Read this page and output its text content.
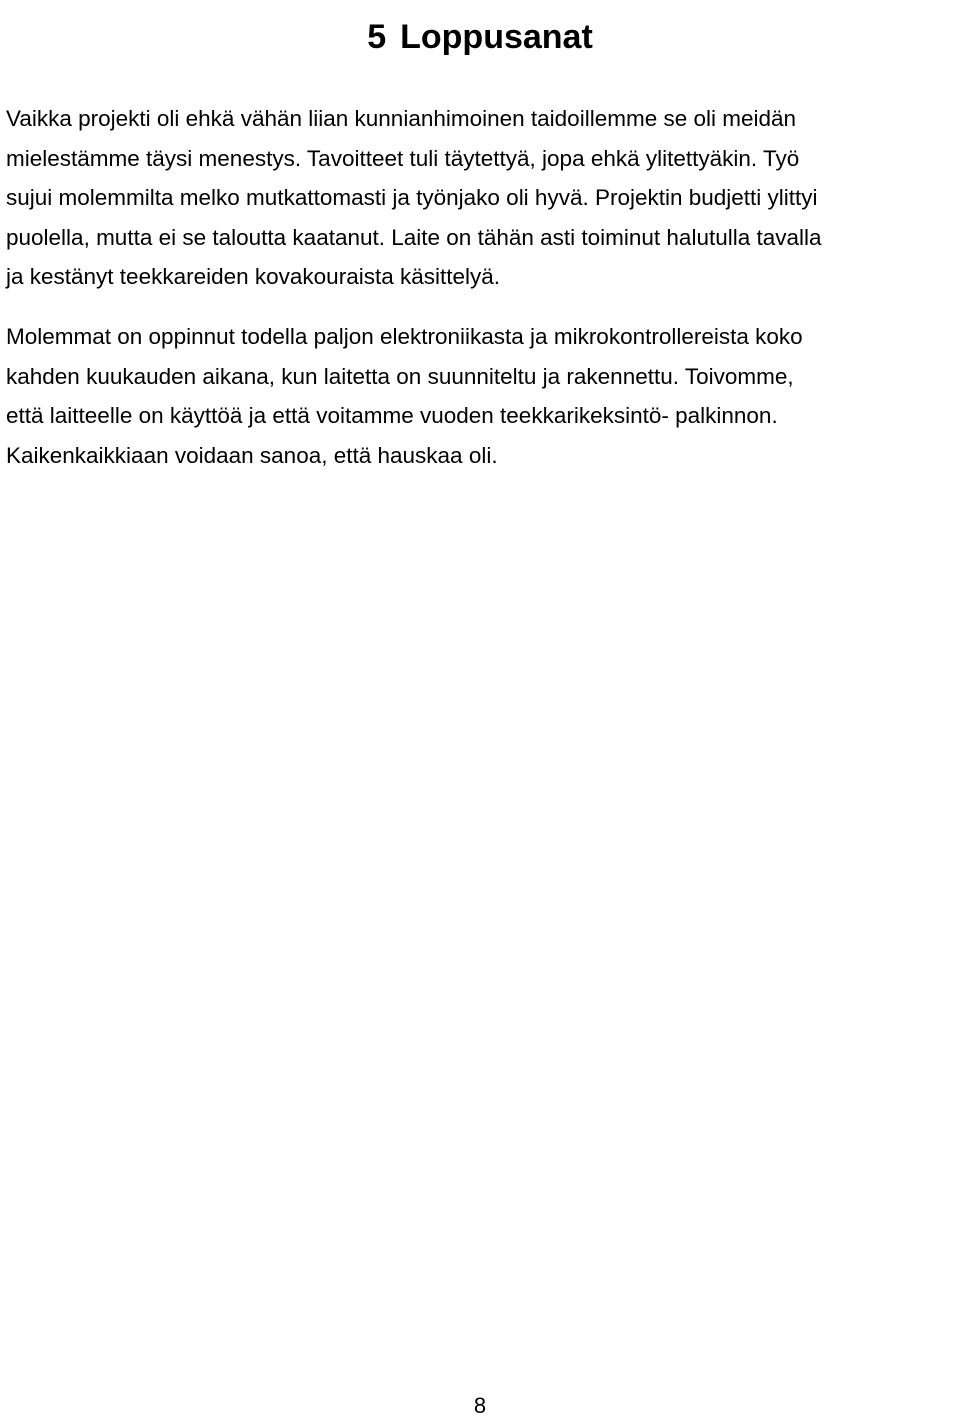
5 Loppusanat

Vaikka projekti oli ehkä vähän liian kunnianhimoinen taidoillemme se oli meidän
mielestämme täysi menestys. Tavoitteet tuli täytettyä, jopa ehkä ylitettyäkin. Työ
sujui molemmilta melko mutkattomasti ja työnjako oli hyvä. Projektin budjetti ylittyi
puolella, mutta ei se taloutta kaatanut. Laite on tähän asti toiminut halutulla tavalla
ja kestänyt teekkareiden kovakouraista käsittelyä.

Molemmat on oppinnut todella paljon elektroniikasta ja mikrokontrollereista koko
kahden kuukauden aikana, kun laitetta on suunniteltu ja rakennettu. Toivomme,
että laitteelle on käyttöä ja että voitamme vuoden teekkarikeksintö- palkinnon.
Kaikenkaikkiaan voidaan sanoa, että hauskaa oli.

8
